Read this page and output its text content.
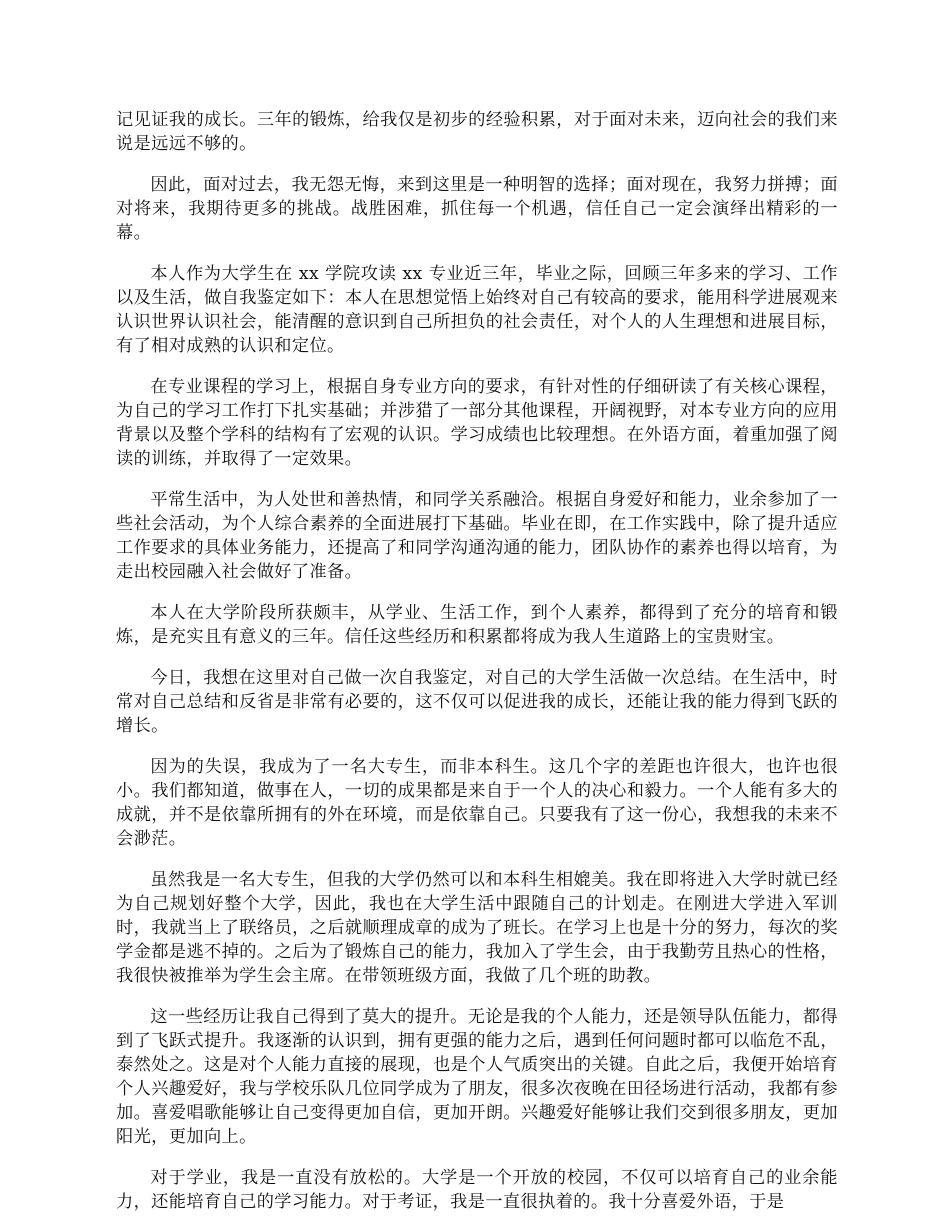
记见证我的成长。三年的锻炼，给我仅是初步的经验积累，对于面对未来，迈向社会的我们来说是远远不够的。

因此，面对过去，我无怨无悔，来到这里是一种明智的选择；面对现在，我努力拼搏；面对将来，我期待更多的挑战。战胜困难，抓住每一个机遇，信任自己一定会演绎出精彩的一幕。

本人作为大学生在 xx 学院攻读 xx 专业近三年，毕业之际，回顾三年多来的学习、工作以及生活，做自我鉴定如下：本人在思想觉悟上始终对自己有较高的要求，能用科学进展观来认识世界认识社会，能清醒的意识到自己所担负的社会责任，对个人的人生理想和进展目标，有了相对成熟的认识和定位。

在专业课程的学习上，根据自身专业方向的要求，有针对性的仔细研读了有关核心课程，为自己的学习工作打下扎实基础；并涉猎了一部分其他课程，开阔视野，对本专业方向的应用背景以及整个学科的结构有了宏观的认识。学习成绩也比较理想。在外语方面，着重加强了阅读的训练，并取得了一定效果。

平常生活中，为人处世和善热情，和同学关系融洽。根据自身爱好和能力，业余参加了一些社会活动，为个人综合素养的全面进展打下基础。毕业在即，在工作实践中，除了提升适应工作要求的具体业务能力，还提高了和同学沟通沟通的能力，团队协作的素养也得以培育，为走出校园融入社会做好了准备。

本人在大学阶段所获颇丰，从学业、生活工作，到个人素养，都得到了充分的培育和锻炼，是充实且有意义的三年。信任这些经历和积累都将成为我人生道路上的宝贵财宝。

今日，我想在这里对自己做一次自我鉴定，对自己的大学生活做一次总结。在生活中，时常对自己总结和反省是非常有必要的，这不仅可以促进我的成长，还能让我的能力得到飞跃的增长。

因为的失误，我成为了一名大专生，而非本科生。这几个字的差距也许很大，也许也很小。我们都知道，做事在人，一切的成果都是来自于一个人的决心和毅力。一个人能有多大的成就，并不是依靠所拥有的外在环境，而是依靠自己。只要我有了这一份心，我想我的未来不会渺茫。

虽然我是一名大专生，但我的大学仍然可以和本科生相媲美。我在即将进入大学时就已经为自己规划好整个大学，因此，我也在大学生活中跟随自己的计划走。在刚进大学进入军训时，我就当上了联络员，之后就顺理成章的成为了班长。在学习上也是十分的努力，每次的奖学金都是逃不掉的。之后为了锻炼自己的能力，我加入了学生会，由于我勤劳且热心的性格，我很快被推举为学生会主席。在带领班级方面，我做了几个班的助教。

这一些经历让我自己得到了莫大的提升。无论是我的个人能力，还是领导队伍能力，都得到了飞跃式提升。我逐渐的认识到，拥有更强的能力之后，遇到任何问题时都可以临危不乱，泰然处之。这是对个人能力直接的展现，也是个人气质突出的关键。自此之后，我便开始培育个人兴趣爱好，我与学校乐队几位同学成为了朋友，很多次夜晚在田径场进行活动，我都有参加。喜爱唱歌能够让自己变得更加自信，更加开朗。兴趣爱好能够让我们交到很多朋友，更加阳光，更加向上。

对于学业，我是一直没有放松的。大学是一个开放的校园，不仅可以培育自己的业余能力，还能培育自己的学习能力。对于考证，我是一直很执着的。我十分喜爱外语，于是
